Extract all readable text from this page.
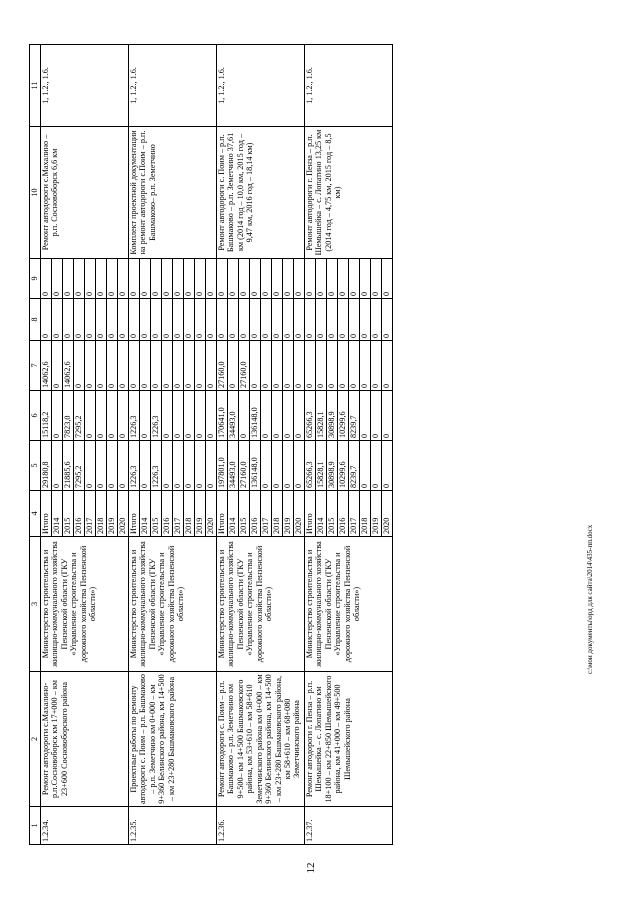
12
1	2	3	4	5	6	7	8	9	10	11
1.2.34.	Ремонт автодороги с.Махалино-р.п.Сосновоборск км 17+000 – км 23+600 Сосновоборского района	Министерство строительства и жилищно-коммунального хозяйства Пензенской области (ГКУ «Управление строительства и дорожного хозяйства Пензенской области»)	Итого	29180,8	15118,2	14062,6	0	0	Ремонт автодороги с.Махалино – р.п. Сосновоборск 6,6 км	1, 1.2., 1.6.
			2014	0	0	0	0	0		
			2015	21885,6	7823,0	14062,6	0	0		
			2016	7295,2	7295,2	0	0	0		
			2017	0	0	0	0	0		
			2018	0	0	0	0	0		
			2019	0	0	0	0	0		
			2020	0	0	0	0	0		
1.2.35.	Проектные работы по ремонту автодороги с. Поим – р.п. Башмаково – р.п. Земетчино км 0+000 – км 9+360 Белинского района, км 14+500 – км 23+280 Башмаковского района	Министерство строительства и жилищно-коммунального хозяйства Пензенской области (ГКУ «Управление строительства и дорожного хозяйства Пензенской области»)	Итого	1226,3	1226,3	0	0	0	Комплект проектной документации на ремонт автодороги с.Поим – р.п. Башмаково– р.п. Земетчино	1, 1.2., 1.6.
			2014	0	0	0	0	0		
			2015	1226,3	1226,3	0	0	0		
			2016	0	0	0	0	0		
			2017	0	0	0	0	0		
			2018	0	0	0	0	0		
			2019	0	0	0	0	0		
			2020	0	0	0	0	0		
1.2.36.	Ремонт автодороги с. Поим – р.п. Башмаково – р.п. Земетчино км 9+500– км 14+500 Башмаковского района, км 53+610 – км 58+610 Земетчинского района км 0+000 – км 9+360 Белинского района, км 14+500 – км 23+280 Башмаковского района, км 58+610 – км 68+080 Земетчинского района	Министерство строительства и жилищно-коммунального хозяйства Пензенской области (ГКУ «Управление строительства и дорожного хозяйства Пензенской области»)	Итого	197801,0	170641,0	27160,0	0	0	Ремонт автодороги с. Поим – р.п. Башмаково – р.п. Земетчино 37,61 км (2014 год – 10,0 км, 2015 год – 9,47 км, 2016 год – 18,14 км)	1, 1.2., 1.6.
			2014	34493,0	34493,0	0	0	0		
			2015	27160,0	0	27160,0	0	0		
			2016	136148,0	136148,0	0	0	0		
			2017	0	0	0	0	0		
			2018	0	0	0	0	0		
			2019	0	0	0	0	0		
			2020	0	0	0	0	0		
1.2.37.	Ремонт автодороги г. Пенза – р.п. Шемышейка – с. Лопатино км 18+100 – км 22+850 Шемышейского района, км 41+000 – км 49+500 Шемышейского района	Министерство строительства и жилищно-коммунального хозяйства Пензенской области (ГКУ «Управление строительства и дорожного хозяйства Пензенской области»)	Итого	65266,3	65266,3	0	0	0	Ремонт автодороги г. Пенза – р.п. Шемышейка – с. Лопатино 13,25 км (2014 год – 4,75 км, 2015 год – 8,5 км)	1, 1.2., 1.6.
			2014	15828,1	15828,1	0	0	0		
			2015	30898,9	30898,9	0	0	0		
			2016	10299,6	10299,6	0	0	0		
			2017	8239,7	8239,7	0	0	0		
			2018	0	0	0	0	0		
			2019	0	0	0	0	0		
			2020	0	0	0	0	0		
c:\мои документы\орд для сайта\2014\435-пп.docx
